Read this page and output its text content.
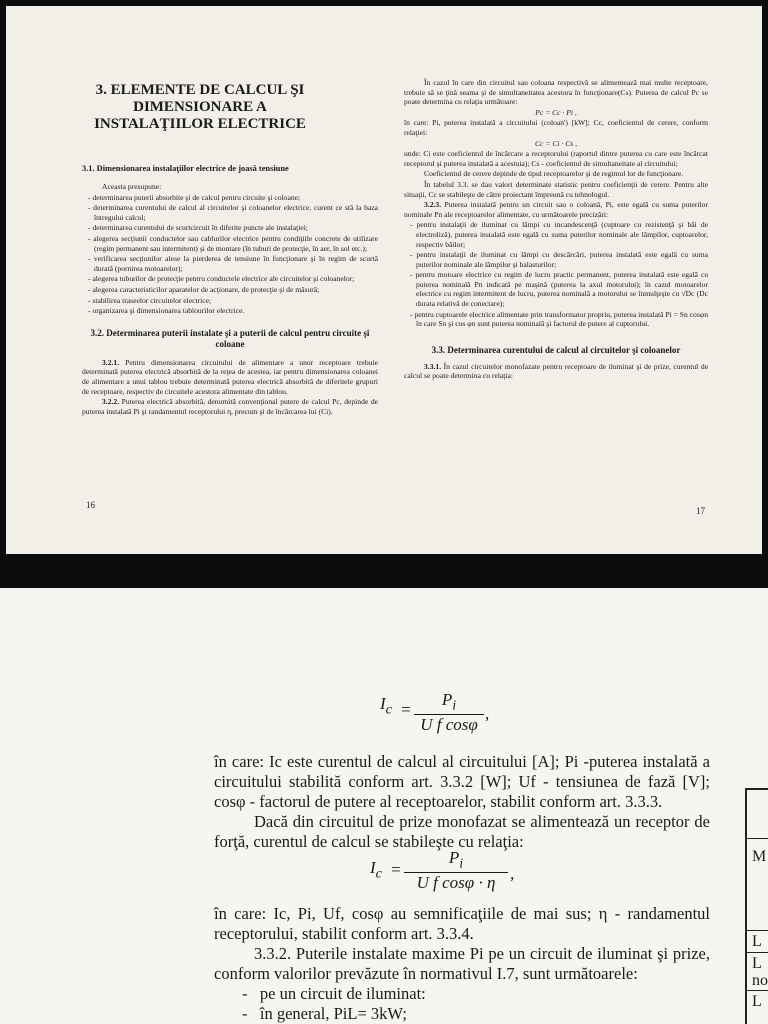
3. ELEMENTE DE CALCUL ŞI DIMENSIONARE A INSTALAŢIILOR ELECTRICE
3.1. Dimensionarea instalaţiilor electrice de joasă tensiune

Aceasta presupune:

- determinarea puterii absorbite şi de calcul pentru circuite şi coloane;

- determinarea curentului de calcul al circuitelor şi coloanelor electrice, curent ce stă la baza întregului calcul;

- determinarea curentului de scurtcircuit în diferite puncte ale instalaţiei;

- alegerea secţiunii conductelor sau cablurilor electrice pentru condiţiile concrete de utilizare (regim permanent sau intermitent) şi de montare (în tuburi de protecţie, în aer, în sol etc.);

- verificarea secţiunilor alese la pierderea de tensiune în funcţionare şi în regim de scurtă durată (pornirea motoarelor);

- alegerea tuburilor de protecţie pentru conductele electrice ale circuitelor şi coloanelor;

- alegerea caracteristicilor aparatelor de acţionare, de protecţie şi de măsură;

- stabilirea traseelor circuitelor electrice;

- organizarea şi dimensionarea tablourilor electrice.

3.2. Determinarea puterii instalate şi a puterii de calcul pentru circuite şi coloane

3.2.1. Pentru dimensionarea circuitului de alimentare a unor receptoare trebuie determinată puterea electrică absorbită de la reţea de acestea, iar pentru dimensionarea coloanei de alimentare a unui tablou trebuie determinată puterea electrică absorbită de diferitele grupuri de receptoare, respectiv de circuitele acestora alimentate din tablou.

3.2.2. Puterea electrică absorbită, denumită convenţional putere de calcul Pc, depinde de puterea instalată Pi şi randamentul receptorului η, precum şi de încărcarea lui (Ci).

16

În cazul în care din circuitul sau coloana respectivă se alimentează mai multe receptoare, trebuie să se ţină seama şi de simultaneitatea acestora în funcţionare(Cs). Puterea de calcul Pc se poate determina cu relaţia următoare:

Pc = Cc · Pi ,

în care: Pi, puterea instalată a circuitului (coloan') [kW]; Cc, coeficientul de cerere, conform relaţiei:

Cc = Ci · Cs ,

unde: Ci este coeficientul de încărcare a receptorului (raportul dintre puterea cu care este încărcat receptorul şi puterea instalată a acestuia); Cs - coeficientul de simultaneitate al circuitului;

Coeficientul de cerere depinde de tipul receptoarelor şi de regimul lor de funcţionare.

În tabelul 3.3. se dau valori determinate statistic pentru coeficienţii de cerere. Pentru alte situaţii, Cc se stabileşte de către proiectant împreună cu tehnologul.

3.2.3. Puterea instalată pentru un circuit sau o coloană, Pi, este egală cu suma puterilor nominale Pn ale receptoarelor alimentate, cu următoarele precizări:

- pentru instalaţii de iluminat cu lămpi cu incandescenţă (cuptoare cu rezistenţă şi băi de electroliză), puterea instalată este egală cu suma puterilor nominale ale lămpilor, cuptoarelor, respectiv băilor;

- pentru instalaţii de iluminat cu lămpi cu descărcări, puterea instalată este egală cu suma puterilor nominale ale lămpilor şi balasturilor;

- pentru motoare electrice cu regim de lucru practic permanent, puterea instalată este egală cu puterea nominală Pn indicată pe maşină (puterea la axul motorului); în cazul motoarelor electrice cu regim intermitent de lucru, puterea nominală a motorului se înmulţeşte cu √Dc (Dc durata relativă de conectare);

- pentru cuptoarele electrice alimentate prin transformator propriu, puterea instalată Pi = Sn cosφn în care Sn şi cos φn sunt puterea nominală şi factorul de putere al cuptorului.

3.3. Determinarea curentului de calcul al circuitelor şi coloanelor

3.3.1. În cazul circuitelor monofazate pentru receptoare de iluminat şi de prize, curentul de calcul se poate determina cu relaţia:

17
$I_c$
$P_i$
U f cosφ
=	,

în care: Ic este curentul de calcul al circuitului [A]; Pi -puterea instalată a circuitului stabilită conform art. 3.3.2 [W]; Uf - tensiunea de fază [V]; cosφ - factorul de putere al receptoarelor, stabilit conform art. 3.3.3.

Dacă din circuitul de prize monofazat se alimentează un receptor de forţă, curentul de calcul se stabileşte cu relaţia:

$I_c$ =
$P_i$
U f cosφ · η ,

în care: Ic, Pi, Uf, cosφ au semnificaţiile de mai sus; η - randamentul receptorului, stabilit conform art. 3.3.4.

3.3.2. Puterile instalate maxime Pi pe un circuit de iluminat şi prize, conform valorilor prevăzute în normativul I.7, sunt următoarele:

-   pe un circuit de iluminat:

-   în general, PiL= 3kW;

M
L
L
no
L
